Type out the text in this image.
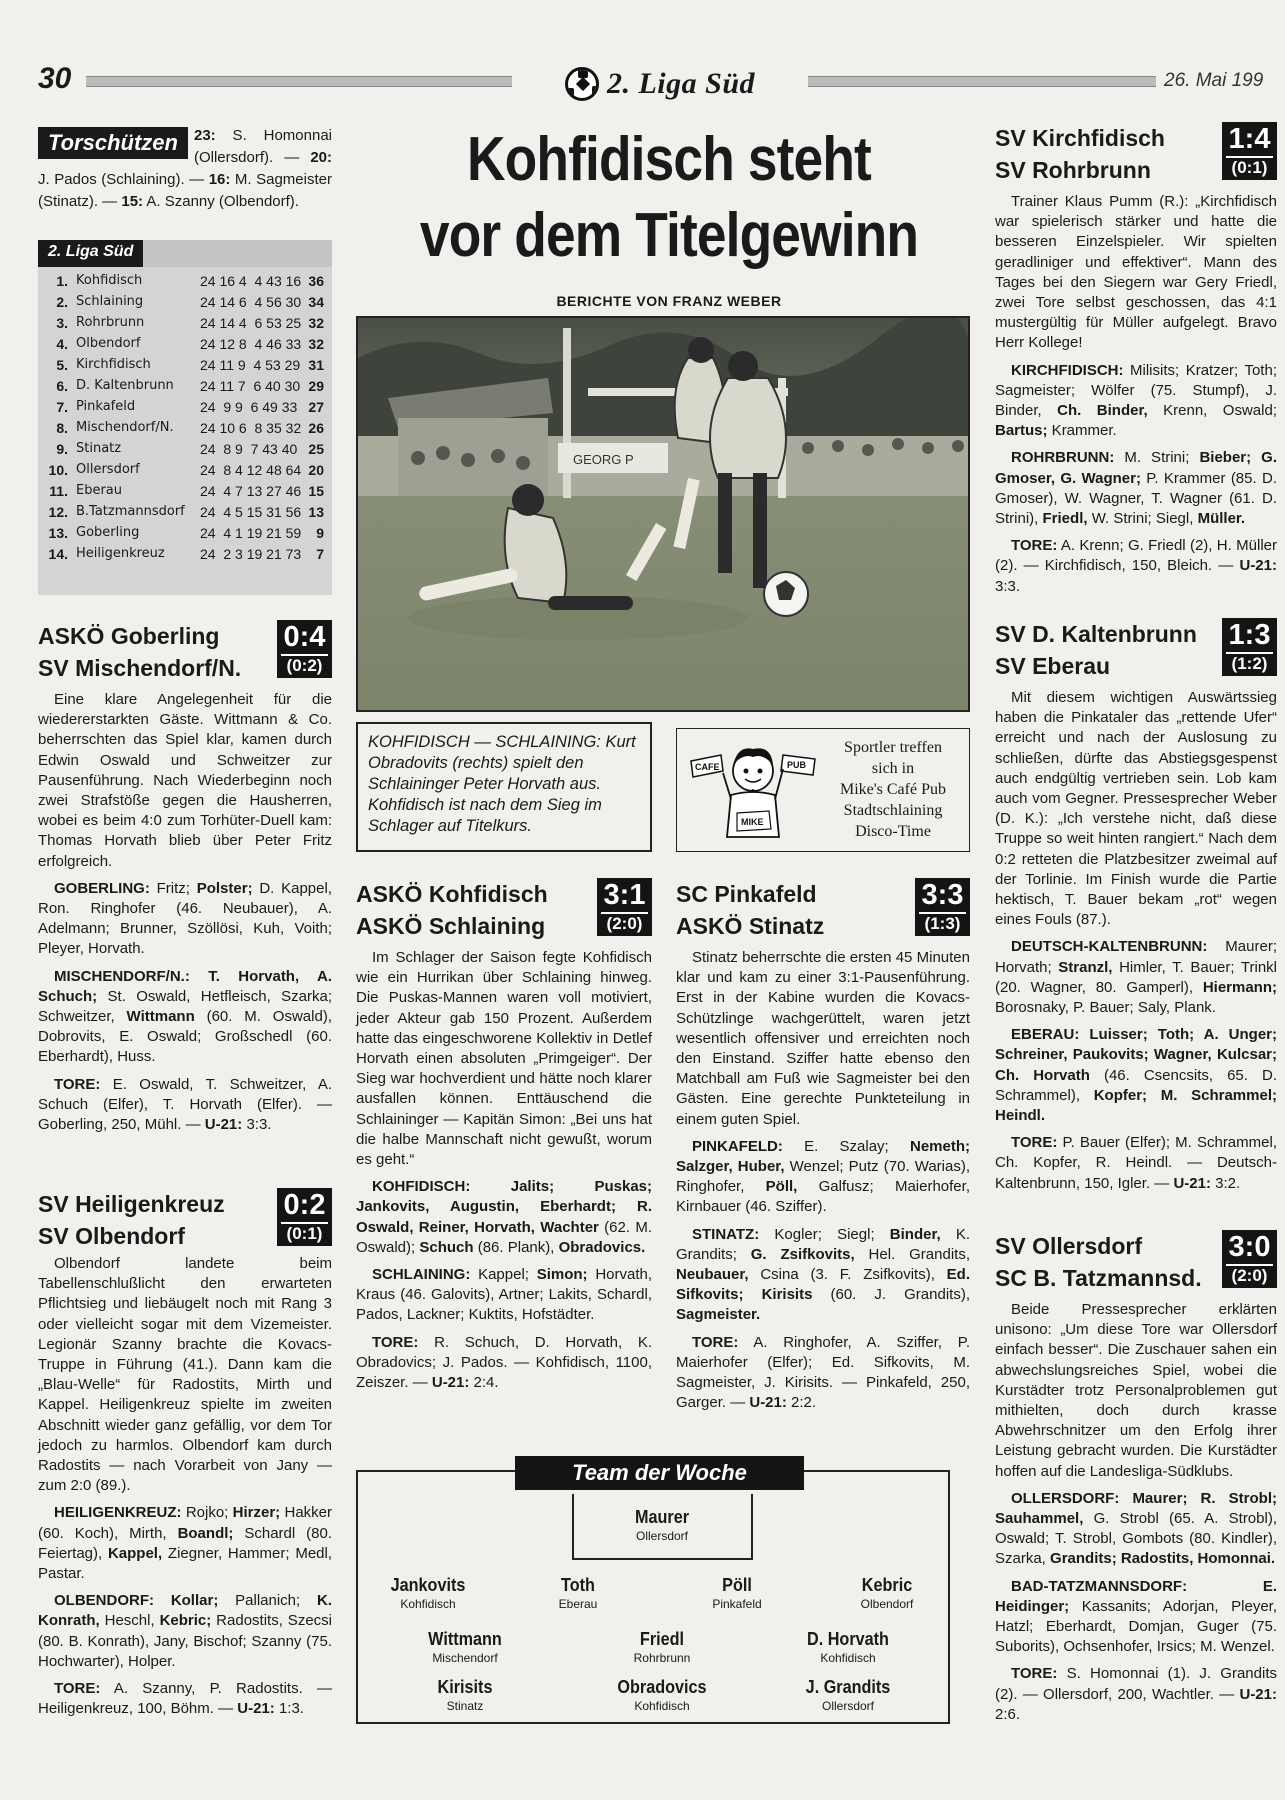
30	2. Liga Süd	26. Mai 199
Torschützen	23: S. Homonnai (Ollersdorf). — 20: J. Pados (Schlaining). — 16: M. Sagmeister (Stinatz). — 15: A. Szanny (Olbendorf).
2. Liga Süd
1. Kohfidisch	24 16 4  4 43 16 36
2. Schlaining	24 14 6  4 56 30 34
3. Rohrbrunn	24 14 4  6 53 25 32
4. Olbendorf	24 12 8  4 46 33 32
5. Kirchfidisch	24 11 9  4 53 29 31
6. D. Kaltenbrunn	24 11 7  6 40 30 29
7. Pinkafeld	24  9 9  6 49 33 27
8. Mischendorf/N.	24 10 6  8 35 32 26
9. Stinatz	24  8 9  7 43 40 25
10. Ollersdorf	24  8 4 12 48 64 20
11. Eberau	24  4 7 13 27 46 15
12. B.Tatzmannsdorf	24  4 5 15 31 56 13
13. Goberling	24  4 1 19 21 59	9
14. Heiligenkreuz	24  2 3 19 21 73	7
ASKÖ Goberling
SV Mischendorf/N.
0:4
(0:2)

Eine klare Angelegenheit für die wiedererstarkten Gäste. Wittmann & Co. beherrschten das Spiel klar, kamen durch Edwin Oswald und Schweitzer zur Pausenführung. Nach Wiederbeginn noch zwei Strafstöße gegen die Hausherren, wobei es beim 4:0 zum Torhüter-Duell kam: Thomas Horvath blieb über Peter Fritz erfolgreich.

GOBERLING: Fritz; Polster; D. Kappel, Ron. Ringhofer (46. Neubauer), A. Adelmann; Brunner, Szöllösi, Kuh, Voith; Pleyer, Horvath.
MISCHENDORF/N.: T. Horvath, A. Schuch; St. Oswald, Hetfleisch, Szarka; Schweitzer, Wittmann (60. M. Oswald), Dobrovits, E. Oswald; Großschedl (60. Eberhardt), Huss.
TORE: E. Oswald, T. Schweitzer, A. Schuch (Elfer), T. Horvath (Elfer). — Goberling, 250, Mühl. — U-21: 3:3.
SV Heiligenkreuz
SV Olbendorf
0:2
(0:1)

Olbendorf landete beim Tabellenschlußlicht den erwarteten Pflichtsieg und liebäugelt noch mit Rang 3 oder vielleicht sogar mit dem Vizemeister. Legionär Szanny brachte die Kovacs-Truppe in Führung (41.). Dann kam die „Blau-Welle“ für Radostits, Mirth und Kappel. Heiligenkreuz spielte im zweiten Abschnitt wieder ganz gefällig, vor dem Tor jedoch zu harmlos. Olbendorf kam durch Radostits — nach Vorarbeit von Jany — zum 2:0 (89.).

HEILIGENKREUZ: Rojko; Hirzer; Hakker (60. Koch), Mirth, Boandl; Schardl (80. Feiertag), Kappel, Ziegner, Hammer; Medl, Pastar.
OLBENDORF: Kollar; Pallanich; K. Konrath, Heschl, Kebric; Radostits, Szecsi (80. B. Konrath), Jany, Bischof; Szanny (75. Hochwarter), Holper.
TORE: A. Szanny, P. Radostits. — Heiligenkreuz, 100, Böhm. — U-21: 1:3.
Kohfidisch steht
vor dem Titelgewinn
BERICHTE VON FRANZ WEBER
GEORG P
KOHFIDISCH — SCHLAINING: Kurt Obradovits (rechts) spielt den Schlaininger Peter Horvath aus. Kohfidisch ist nach dem Sieg im Schlager auf Titelkurs.
CAFE	PUB
MIKE
Sportler treffen
sich in
Mike's Café Pub
Stadtschlaining
Disco-Time
ASKÖ Kohfidisch
ASKÖ Schlaining
3:1
(2:0)

Im Schlager der Saison fegte Kohfidisch wie ein Hurrikan über Schlaining hinweg. Die Puskas-Mannen waren voll motiviert, jeder Akteur gab 150 Prozent. Außerdem hatte das eingeschworene Kollektiv in Detlef Horvath einen absoluten „Primgeiger“. Der Sieg war hochverdient und hätte noch klarer ausfallen können. Enttäuschend die Schlaininger — Kapitän Simon: „Bei uns hat die halbe Mannschaft nicht gewußt, worum es geht.“

KOHFIDISCH: Jalits; Puskas; Jankovits, Augustin, Eberhardt; R. Oswald, Reiner, Horvath, Wachter (62. M. Oswald); Schuch (86. Plank), Obradovics.
SCHLAINING: Kappel; Simon; Horvath, Kraus (46. Galovits), Artner; Lakits, Schardl, Pados, Lackner; Kuktits, Hofstädter.
TORE: R. Schuch, D. Horvath, K. Obradovics; J. Pados. — Kohfidisch, 1100, Zeiszer. — U-21: 2:4.
SC Pinkafeld
ASKÖ Stinatz
3:3
(1:3)

Stinatz beherrschte die ersten 45 Minuten klar und kam zu einer 3:1-Pausenführung. Erst in der Kabine wurden die Kovacs-Schützlinge wachgerüttelt, waren jetzt wesentlich offensiver und erreichten noch den Einstand. Sziffer hatte ebenso den Matchball am Fuß wie Sagmeister bei den Gästen. Eine gerechte Punkteteilung in einem guten Spiel.

PINKAFELD: E. Szalay; Nemeth; Salzger, Huber, Wenzel; Putz (70. Warias), Ringhofer, Pöll, Galfusz; Maierhofer, Kirnbauer (46. Sziffer).
STINATZ: Kogler; Siegl; Binder, K. Grandits; G. Zsifkovits, Hel. Grandits, Neubauer, Csina (3. F. Zsifkovits), Ed. Sifkovits; Kirisits (60. J. Grandits), Sagmeister.
TORE: A. Ringhofer, A. Sziffer, P. Maierhofer (Elfer); Ed. Sifkovits, M. Sagmeister, J. Kirisits. — Pinkafeld, 250, Garger. — U-21: 2:2.
Team der Woche
Maurer
Ollersdorf
Jankovits
Kohfidisch
Toth
Eberau
Pöll
Pinkafeld
Kebric
Olbendorf
Wittmann
Mischendorf
Friedl
Rohrbrunn
D. Horvath
Kohfidisch
Kirisits
Stinatz
Obradovics
Kohfidisch
J. Grandits
Ollersdorf
SV Kirchfidisch
SV Rohrbrunn
1:4
(0:1)

Trainer Klaus Pumm (R.): „Kirchfidisch war spielerisch stärker und hatte die besseren Einzelspieler. Wir spielten geradliniger und effektiver“. Mann des Tages bei den Siegern war Gery Friedl, zwei Tore selbst geschossen, das 4:1 mustergültig für Müller aufgelegt. Bravo Herr Kollege!

KIRCHFIDISCH: Milisits; Kratzer; Toth; Sagmeister; Wölfer (75. Stumpf), J. Binder, Ch. Binder, Krenn, Oswald; Bartus; Krammer.
ROHRBRUNN: M. Strini; Bieber; G. Gmoser, G. Wagner; P. Krammer (85. D. Gmoser), W. Wagner, T. Wagner (61. D. Strini), Friedl, W. Strini; Siegl, Müller.
TORE: A. Krenn; G. Friedl (2), H. Müller (2). — Kirchfidisch, 150, Bleich. — U-21: 3:3.
SV D. Kaltenbrunn
SV Eberau
1:3
(1:2)

Mit diesem wichtigen Auswärtssieg haben die Pinkataler das „rettende Ufer“ erreicht und nach der Auslosung zu schließen, dürfte das Abstiegsgespenst auch endgültig vertrieben sein. Lob kam auch vom Gegner. Pressesprecher Weber (D. K.): „Ich verstehe nicht, daß diese Truppe so weit hinten rangiert.“ Nach dem 0:2 retteten die Platzbesitzer zweimal auf der Torlinie. Im Finish wurde die Partie hektisch, T. Bauer bekam „rot“ wegen eines Fouls (87.).

DEUTSCH-KALTENBRUNN: Maurer; Horvath; Stranzl, Himler, T. Bauer; Trinkl (20. Wagner, 80. Gamperl), Hiermann; Borosnaky, P. Bauer; Saly, Plank.
EBERAU: Luisser; Toth; A. Unger; Schreiner, Paukovits; Wagner, Kulcsar; Ch. Horvath (46. Csencsits, 65. D. Schrammel), Kopfer; M. Schrammel; Heindl.
TORE: P. Bauer (Elfer); M. Schrammel, Ch. Kopfer, R. Heindl. — Deutsch-Kaltenbrunn, 150, Igler. — U-21: 3:2.
SV Ollersdorf
SC B. Tatzmannsd.
3:0
(2:0)

Beide Pressesprecher erklärten unisono: „Um diese Tore war Ollersdorf einfach besser“. Die Zuschauer sahen ein abwechslungsreiches Spiel, wobei die Kurstädter trotz Personalproblemen gut mithielten, doch durch krasse Abwehrschnitzer um den Erfolg ihrer Leistung gebracht wurden. Die Kurstädter hoffen auf die Landesliga-Südklubs.

OLLERSDORF: Maurer; R. Strobl; Sauhammel, G. Strobl (65. A. Strobl), Oswald; T. Strobl, Gombots (80. Kindler), Szarka, Grandits; Radostits, Homonnai.
BAD-TATZMANNSDORF: E. Heidinger; Kassanits; Adorjan, Pleyer, Hatzl; Eberhardt, Domjan, Guger (75. Suborits), Ochsenhofer, Irsics; M. Wenzel.
TORE: S. Homonnai (1). J. Grandits (2). — Ollersdorf, 200, Wachtler. — U-21: 2:6.
